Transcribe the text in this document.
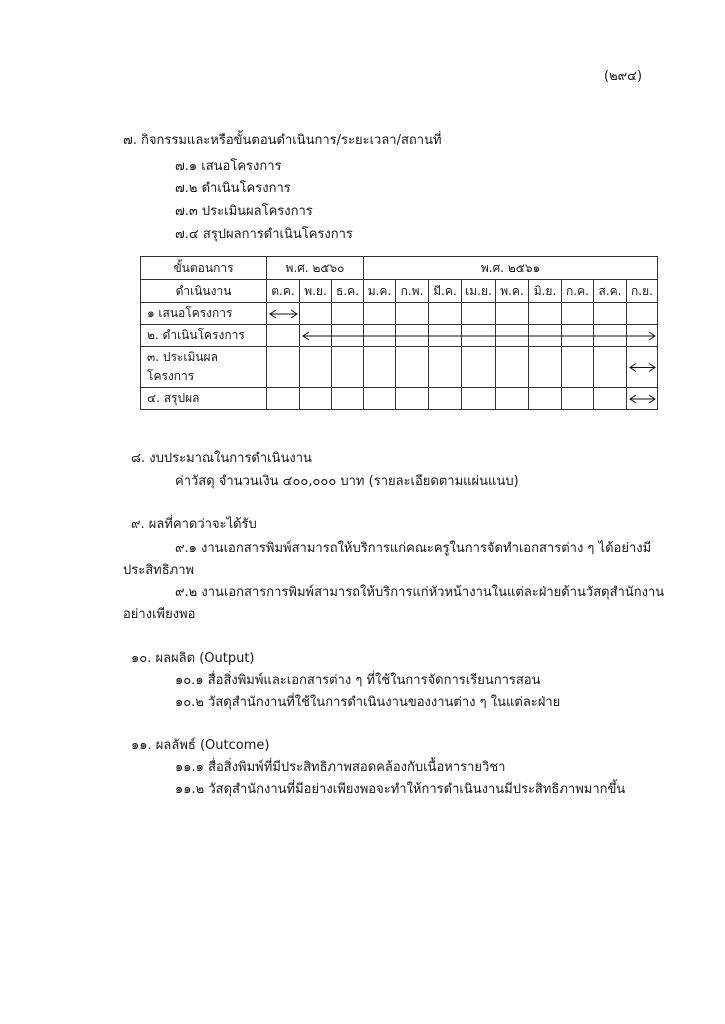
(๒๙๔)
๗. กิจกรรมและหรือขั้นตอนดำเนินการ/ระยะเวลา/สถานที่
๗.๑ เสนอโครงการ
๗.๒ ดำเนินโครงการ
๗.๓ ประเมินผลโครงการ
๗.๔ สรุปผลการดำเนินโครงการ
ขั้นตอนการ	พ.ศ. ๒๕๖๐			พ.ศ. ๒๕๖๑								
ดำเนินงาน	ต.ค.	พ.ย.	ธ.ค.	ม.ค.	ก.พ.	มี.ค.	เม.ย.	พ.ค.	มิ.ย.	ก.ค.	ส.ค.	ก.ย.
๑ เสนอโครงการ	

๒. ดำเนินโครงการ		

๓. ประเมินผล
โครงการ												

๔. สรุปผล												
๘. งบประมาณในการดำเนินงาน
ค่าวัสดุ จำนวนเงิน ๔๐๐,๐๐๐ บาท (รายละเอียดตามแผ่นแนบ)
๙. ผลที่คาดว่าจะได้รับ
๙.๑ งานเอกสารพิมพ์สามารถให้บริการแก่คณะครูในการจัดทำเอกสารต่าง ๆ ได้อย่างมี
ประสิทธิภาพ
๙.๒ งานเอกสารการพิมพ์สามารถให้บริการแก่หัวหน้างานในแต่ละฝ่ายด้านวัสดุสำนักงาน
อย่างเพียงพอ
๑๐. ผลผลิต (Output)
๑๐.๑ สื่อสิ่งพิมพ์และเอกสารต่าง ๆ ที่ใช้ในการจัดการเรียนการสอน
๑๐.๒ วัสดุสำนักงานที่ใช้ในการดำเนินงานของงานต่าง ๆ ในแต่ละฝ่าย
๑๑. ผลลัพธ์ (Outcome)
๑๑.๑ สื่อสิ่งพิมพ์ที่มีประสิทธิภาพสอดคล้องกับเนื้อหารายวิชา
๑๑.๒ วัสดุสำนักงานที่มีอย่างเพียงพอจะทำให้การดำเนินงานมีประสิทธิภาพมากขึ้น
